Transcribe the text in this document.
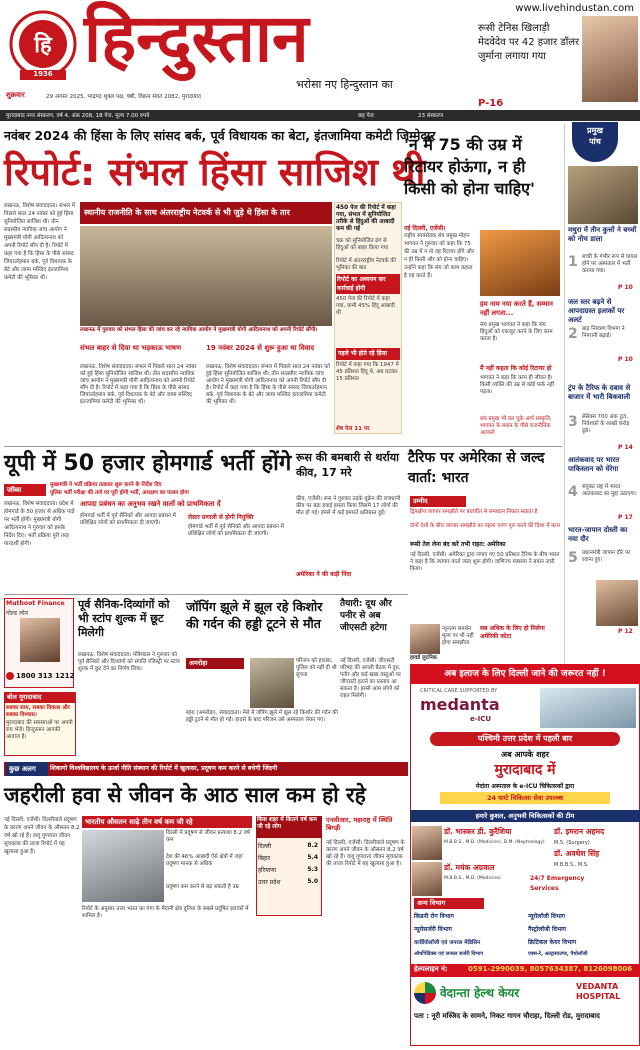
हि
1936 हिन्दुस्तान
भरोसा नए हिन्दुस्तान का
शुक्रवार	29 अगस्त 2025, भाद्रपद शुक्ल पक्ष, षष्ठी, विक्रम संवत 2082, मुरादाबाद
www.livehindustan.com
रूसी टेनिस खिलाड़ी मेदवेदेव पर 42 हजार डॉलर जुर्माना लगाया गया
P-16
मुरादाबाद नगर संस्करण, वर्ष 4, अंक 208, 18 पेज, मूल्य 7.00 रुपये	छह पेज	23 संस्करण
नवंबर 2024 की हिंसा के लिए सांसद बर्क, पूर्व विधायक का बेटा, इंतजामिया कमेटी जिम्मेदार
रिपोर्ट: संभल हिंसा साजिश थी
लखनऊ, विशेष संवाददाता। संभल में पिछले साल 24 नवंबर को हुई हिंसा सुनियोजित साजिश थी। तीन सदस्यीय न्यायिक जांच आयोग ने मुख्यमंत्री योगी आदित्यनाथ को अपनी रिपोर्ट सौंप दी है। रिपोर्ट में कहा गया है कि हिंसा के पीछे सांसद जियाउर्रहमान बर्क, पूर्व विधायक के बेटे और जामा मस्जिद इंतजामिया कमेटी की भूमिका थी।
स्थानीय राजनीति के साथ अंतरराष्ट्रीय नेटवर्क से भी जुड़े थे हिंसा के तार
लखनऊ में गुरुवार को संभल हिंसा की जांच कर रहे न्यायिक आयोग ने मुख्यमंत्री योगी आदित्यनाथ को अपनी रिपोर्ट सौंपी।
संभल बाहर से दिया था भड़काऊ भाषण
लखनऊ, विशेष संवाददाता। संभल में पिछले साल 24 नवंबर को हुई हिंसा सुनियोजित साजिश थी। तीन सदस्यीय न्यायिक जांच आयोग ने मुख्यमंत्री योगी आदित्यनाथ को अपनी रिपोर्ट सौंप दी है। रिपोर्ट में कहा गया है कि हिंसा के पीछे सांसद जियाउर्रहमान बर्क, पूर्व विधायक के बेटे और जामा मस्जिद इंतजामिया कमेटी की भूमिका थी।
19 नवंबर 2024 से शुरू हुआ था विवाद
लखनऊ, विशेष संवाददाता। संभल में पिछले साल 24 नवंबर को हुई हिंसा सुनियोजित साजिश थी। तीन सदस्यीय न्यायिक जांच आयोग ने मुख्यमंत्री योगी आदित्यनाथ को अपनी रिपोर्ट सौंप दी है। रिपोर्ट में कहा गया है कि हिंसा के पीछे सांसद जियाउर्रहमान बर्क, पूर्व विधायक के बेटे और जामा मस्जिद इंतजामिया कमेटी की भूमिका थी।
450 पेज की रिपोर्ट में कहा गया, संभल में सुनियोजित तरीके से हिंदुओं की आबादी कम की गई
चक्र को सुनियोजित ढंग से हिंदुओं को बाहर किया गया
रिपोर्ट में अंतरराष्ट्रीय नेटवर्क की भूमिका की बात
रिपोर्ट का अध्ययन कर कार्रवाई होगी
450 पेज की रिपोर्ट में कहा गया, कभी 45% हिंदू आबादी थी
पहले भी होते रहे हिंसा
रिपोर्ट में कहा गया कि 1947 में 45 प्रतिशत हिंदू थे, अब घटकर 15 प्रतिशत
शेष पेज 11 पर
'न मैं 75 की उम्र में रिटायर होऊंगा, न ही किसी को होना चाहिए'
नई दिल्ली, एजेंसी।
राष्ट्रीय स्वयंसेवक संघ प्रमुख मोहन भागवत ने गुरुवार को कहा कि 75 की उम्र में न तो वह रिटायर होंगे और न ही किसी और को होना चाहिए। उन्होंने कहा कि संघ जो काम कहता है वह करते हैं।
हम नाम नया करते हैं, सम्मान नहीं लगता...
संघ प्रमुख भागवत ने कहा कि संघ हिंदुओं को एकजुट करने के लिए काम करता है।
मैं नहीं कहता कि कोई रिटायर हो
भागवत ने कहा कि काम ही जीवन है। किसी व्यक्ति की उम्र से कोई फर्क नहीं पड़ता।
संघ प्रमुख भी कर चुके आर्य संस्कृति, भागवत के बयान के पीछे राजनीतिक अटकलें
प्रमुख
पांच
मथुरा में तीन कुत्तों ने बच्चों को नोच डाला
1 बच्ची के गंभीर रूप से घायल होने पर अस्पताल में भर्ती कराया गया।
P 10
जल स्तर बढ़ने से आपदाग्रस्त इलाकों पर अलर्ट
2 बाढ़ नियंत्रण विभाग ने निगरानी बढ़ाई।
P 10
ट्रंप के टैरिफ के दबाव से बाजार में भारी बिकवाली
3 सेंसेक्स 700 अंक टूटा, निवेशकों के लाखों करोड़ डूबे।
P 14
आतंकवाद पर भारत पाकिस्तान को घेरेगा
4 संयुक्त राष्ट्र में भारत आतंकवाद का मुद्दा उठाएगा।
P 17
भारत-जापान दोस्ती का नया दौर
5 प्रधानमंत्री जापान दौरे पर रवाना हुए।
P 12
यूपी में 50 हजार होमगार्ड भर्ती होंगे
जॉब्स
मुख्यमंत्री ने भर्ती प्रक्रिया तत्काल शुरू करने के निर्देश दिए
पुलिस भर्ती परीक्षा की तर्ज पर पूरी होगी भर्ती, आरक्षण का पालन होगा
लखनऊ, विशेष संवाददाता। प्रदेश में होमगार्ड के 50 हजार से अधिक पदों पर भर्ती होगी। मुख्यमंत्री योगी आदित्यनाथ ने गुरुवार को इसके निर्देश दिए। भर्ती प्रक्रिया पूरी तरह पारदर्शी होगी।
आपदा प्रबंधन का अनुभव रखने वालों को प्राथमिकता दें
होमगार्ड भर्ती में पूर्व सैनिकों और आपदा प्रबंधन में प्रशिक्षित लोगों को प्राथमिकता दी जाएगी।
रोस्टर प्रणाली से होगी नियुक्ति
होमगार्ड भर्ती में पूर्व सैनिकों और आपदा प्रबंधन में प्रशिक्षित लोगों को प्राथमिकता दी जाएगी।
रूस की बमबारी से थर्राया कीव, 17 मरे
कीव, एजेंसी। रूस ने गुरुवार तड़के यूक्रेन की राजधानी कीव पर बड़ा हवाई हमला किया जिसमें 17 लोगों की मौत हो गई। हमले में कई इमारतें क्षतिग्रस्त हुईं।
अमेरिका ने की कड़ी निंदा
टैरिफ पर अमेरिका से जल्द वार्ता: भारत
उम्मीद
द्विपक्षीय व्यापार समझौते पर बातचीत से समाधान निकल सकता है
दोनों देशों के बीच व्यापार समझौते का पहला चरण पूरा करने की दिशा में काम
रूसी तेल लेना बंद करें तभी राहत: अमेरिका
नई दिल्ली, एजेंसी। अमेरिका द्वारा लगाए गए 50 प्रतिशत टैरिफ के बीच भारत ने कहा है कि व्यापार वार्ता जल्द शुरू होगी। वाणिज्य मंत्रालय ने बयान जारी किया।
सब अधिक के लिए हो मिलेगा अमेरिकी कोटा
न्यूनतम समर्थन मूल्य पर भी नहीं होगा समझौता
हावर्ड लुटनिक
Muthoot Finance
गोल्ड लोन
1800 313 1212
पूर्व सैनिक-दिव्यांगों को भी स्टांप शुल्क में छूट मिलेगी
लखनऊ, विशेष संवाददाता। मंत्रिमंडल ने गुरुवार को पूर्व सैनिकों और दिव्यांगों को संपत्ति रजिस्ट्री पर स्टांप शुल्क में छूट देने का निर्णय लिया।
जॉपिंग झूले में झूल रहे किशोर की गर्दन की हड्डी टूटने से मौत
अमरोहा	परिजन को हादसा, पुलिस को नहीं दी थी सूचना
रहरा (अमरोहा), संवाददाता। मेले में जंपिंग झूले में झूल रहे किशोर की गर्दन की हड्डी टूटने से मौत हो गई। हादसे के बाद परिजन उसे अस्पताल लेकर गए।
तैयारी: दूध और पनीर से अब जीएसटी हटेगा
नई दिल्ली, एजेंसी। जीएसटी परिषद की अगली बैठक में दूध, पनीर और कई खाद्य वस्तुओं पर जीएसटी हटाने का प्रस्ताव आ सकता है। इससे आम लोगों को राहत मिलेगी।
बोल मुरादाबाद
सबका साथ, सबका विकास और सबका विश्वास।
मुरादाबाद की समस्याओं पर अपनी राय भेजें। हिन्दुस्तान आपकी आवाज है।
अब इलाज के लिए दिल्ली जाने की जरूरत नहीं !
CRITICAL CARE SUPPORTED BY
medanta
e-ICU
पश्चिमी उत्तर प्रदेश में पहली बार
अब आपके शहर
मुरादाबाद में
मेदांता अस्पताल के e-ICU चिकित्सकों द्वारा
24 घण्टे चिकित्सा सेवा उपलब्ध
हमारे कुशल, अनुभवी चिकित्सकों की टीम
डॉ. भास्कर डी. कुरैशिया
M.B.B.S., M.D. (Medicine), D.M. (Nephrology)
डॉ. इमरान अहमद
M.S. (Surgery)
डॉ. मयंक अग्रवाल
M.B.B.S., M.D. (Medicine)
डॉ. अवधेश सिंह
M.B.B.S., M.S.
24/7 Emergency Services
अन्य विभाग
किडनी रोग विभाग	न्यूरोलॉजी विभाग
न्यूरोसर्जरी विभाग	गैस्ट्रोलॉजी विभाग
कार्डियोलॉजी एवं जनरल मेडिसिन	क्रिटिकल केयर विभाग
ऑर्थोपेडिक्स एवं जनरल सर्जरी विभाग	एक्स-रे, अल्ट्रासाउण्ड, पैथोलॉजी
हेल्पलाइन नं:	0591-2990039, 8057634387, 8126098006
वेदान्ता हेल्थ केयर	VEDANTA HOSPITAL
पता : नूरी मस्जिद के सामने, निकट गागन चौराहा, दिल्ली रोड, मुरादाबाद
कुछ अलग	शिकागो विश्वविद्यालय के ऊर्जा नीति संस्थान की रिपोर्ट में खुलासा, प्रदूषण कम करने से बचेगी जिंदगी
जहरीली हवा से जीवन के आठ साल कम हो रहे
नई दिल्ली, एजेंसी। दिल्लीवाले प्रदूषण के कारण अपने जीवन के औसतन 8.2 वर्ष खो रहे हैं। वायु गुणवत्ता जीवन सूचकांक की ताजा रिपोर्ट में यह खुलासा हुआ है।
भारतीय औसतन साढ़े तीन वर्ष कम जी रहे
दिल्ली में प्रदूषण से जीवन प्रत्याशा 8.2 वर्ष कम
देश की 46% आबादी ऐसे क्षेत्रों में जहां प्रदूषण मानक से अधिक
प्रदूषण कम करने से बढ़ सकती है उम्र
रिपोर्ट के अनुसार उत्तर भारत का गंगा के मैदानी क्षेत्र दुनिया के सबसे प्रदूषित इलाकों में शामिल है।
किस शहर में कितने वर्ष कम जी रहे लोग
दिल्ली	8.2
बिहार	5.4
हरियाणा	5.3
उत्तर प्रदेश	5.0
एनसीआर, महाराष्ट्र में स्थिति बिगड़ी
नई दिल्ली, एजेंसी। दिल्लीवाले प्रदूषण के कारण अपने जीवन के औसतन 8.2 वर्ष खो रहे हैं। वायु गुणवत्ता जीवन सूचकांक की ताजा रिपोर्ट में यह खुलासा हुआ है।
